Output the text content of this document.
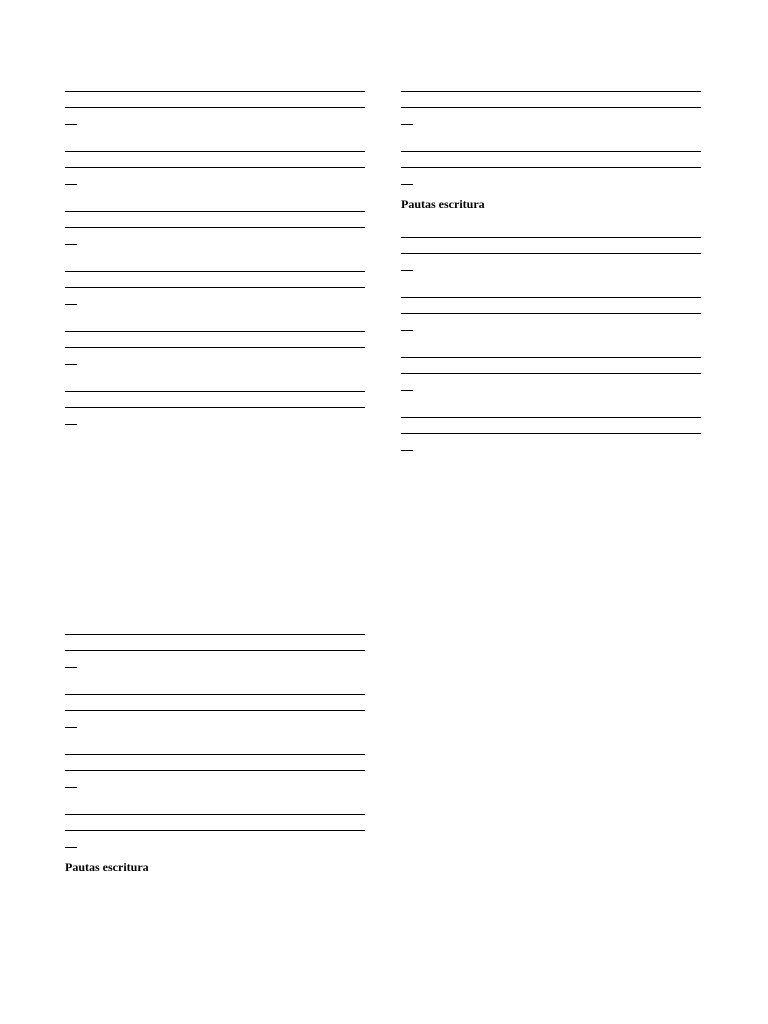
Pautas escritura
Pautas escritura
